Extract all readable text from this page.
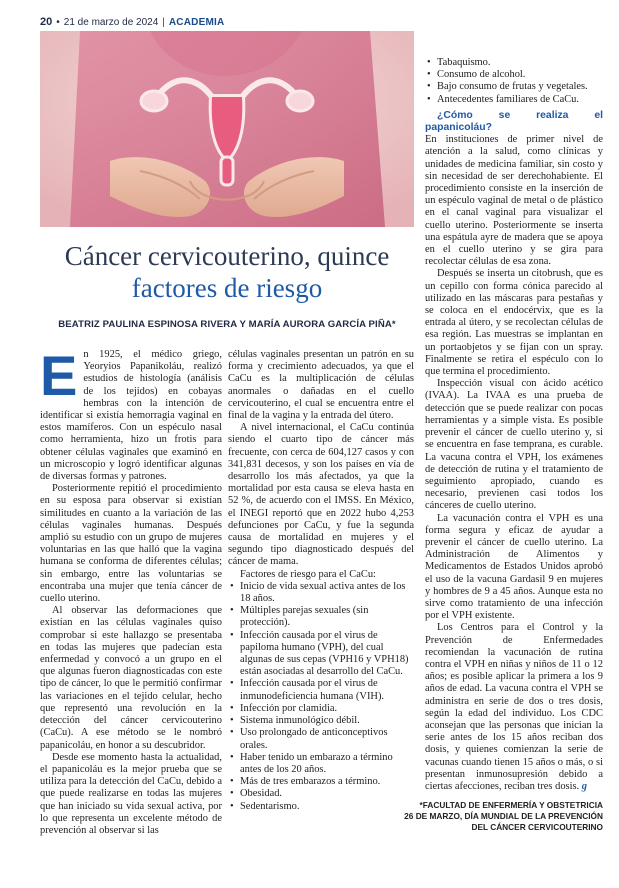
20 • 21 de marzo de 2024 | ACADEMIA
Cáncer cervicouterino, quince
factores de riesgo
BEATRIZ PAULINA ESPINOSA RIVERA Y MARÍA AURORA GARCÍA PIÑA*

En 1925, el médico griego, Yeoryios Papanikoláu, realizó estudios de histología (análisis de los tejidos) en cobayas hembras con la intención de identificar si existía hemorragia vaginal en estos mamíferos. Con un espéculo nasal como herramienta, hizo un frotis para obtener células vaginales que examinó en un microscopio y logró identificar algunas de diversas formas y patrones.

Posteriormente repitió el procedimiento en su esposa para observar si existían similitudes en cuanto a la variación de las células vaginales humanas. Después amplió su estudio con un grupo de mujeres voluntarias en las que halló que la vagina humana se conforma de diferentes células; sin embargo, entre las voluntarias se encontraba una mujer que tenía cáncer de cuello uterino.

Al observar las deformaciones que existían en las células vaginales quiso comprobar si este hallazgo se presentaba en todas las mujeres que padecían esta enfermedad y convocó a un grupo en el que algunas fueron diagnosticadas con este tipo de cáncer, lo que le permitió confirmar las variaciones en el tejido celular, hecho que representó una revolución en la detección del cáncer cervicouterino (CaCu). A ese método se le nombró papanicoláu, en honor a su descubridor.

Desde ese momento hasta la actualidad, el papanicoláu es la mejor prueba que se utiliza para la detección del CaCu, debido a que puede realizarse en todas las mujeres que han iniciado su vida sexual activa, por lo que representa un excelente método de prevención al observar si las

células vaginales presentan un patrón en su forma y crecimiento adecuados, ya que el CaCu es la multiplicación de células anormales o dañadas en el cuello cervicouterino, el cual se encuentra entre el final de la vagina y la entrada del útero.

A nivel internacional, el CaCu continúa siendo el cuarto tipo de cáncer más frecuente, con cerca de 604,127 casos y con 341,831 decesos, y son los países en vía de desarrollo los más afectados, ya que la mortalidad por esta causa se eleva hasta en 52 %, de acuerdo con el IMSS. En México, el INEGI reportó que en 2022 hubo 4,253 defunciones por CaCu, y fue la segunda causa de mortalidad en mujeres y el segundo tipo diagnosticado después del cáncer de mama.

Factores de riesgo para el CaCu:

• Inicio de vida sexual activa antes de los 18 años.
• Múltiples parejas sexuales (sin protección).
• Infección causada por el virus de papiloma humano (VPH), del cual algunas de sus cepas (VPH16 y VPH18) están asociadas al desarrollo del CaCu.
• Infección causada por el virus de inmunodeficiencia humana (VIH).
• Infección por clamidia.
• Sistema inmunológico débil.
• Uso prolongado de anticonceptivos orales.
• Haber tenido un embarazo a término antes de los 20 años.
• Más de tres embarazos a término.
• Obesidad.
• Sedentarismo.
• Tabaquismo.
• Consumo de alcohol.
• Bajo consumo de frutas y vegetales.
• Antecedentes familiares de CaCu.

¿Cómo se realiza el papanicoláu?

En instituciones de primer nivel de atención a la salud, como clínicas y unidades de medicina familiar, sin costo y sin necesidad de ser derechohabiente. El procedimiento consiste en la inserción de un espéculo vaginal de metal o de plástico en el canal vaginal para visualizar el cuello uterino. Posteriormente se inserta una espátula ayre de madera que se apoya en el cuello uterino y se gira para recolectar células de esa zona.

Después se inserta un citobrush, que es un cepillo con forma cónica parecido al utilizado en las máscaras para pestañas y se coloca en el endocérvix, que es la entrada al útero, y se recolectan células de esa región. Las muestras se implantan en un portaobjetos y se fijan con un spray. Finalmente se retira el espéculo con lo que termina el procedimiento.

Inspección visual con ácido acético (IVAA). La IVAA es una prueba de detección que se puede realizar con pocas herramientas y a simple vista. Es posible prevenir el cáncer de cuello uterino y, si se encuentra en fase temprana, es curable. La vacuna contra el VPH, los exámenes de detección de rutina y el tratamiento de seguimiento apropiado, cuando es necesario, previenen casi todos los cánceres de cuello uterino.

La vacunación contra el VPH es una forma segura y eficaz de ayudar a prevenir el cáncer de cuello uterino. La Administración de Alimentos y Medicamentos de Estados Unidos aprobó el uso de la vacuna Gardasil 9 en mujeres y hombres de 9 a 45 años. Aunque esta no sirve como tratamiento de una infección por el VPH existente.

Los Centros para el Control y la Prevención de Enfermedades recomiendan la vacunación de rutina contra el VPH en niñas y niños de 11 o 12 años; es posible aplicar la primera a los 9 años de edad. La vacuna contra el VPH se administra en serie de dos o tres dosis, según la edad del individuo. Los CDC aconsejan que las personas que inician la serie antes de los 15 años reciban dos dosis, y quienes comienzan la serie de vacunas cuando tienen 15 años o más, o si presentan inmunosupresión debido a ciertas afecciones, reciban tres dosis. g

*FACULTAD DE ENFERMERÍA Y OBSTETRICIA
26 DE MARZO, DÍA MUNDIAL DE LA PREVENCIÓN
DEL CÁNCER CERVICOUTERINO
